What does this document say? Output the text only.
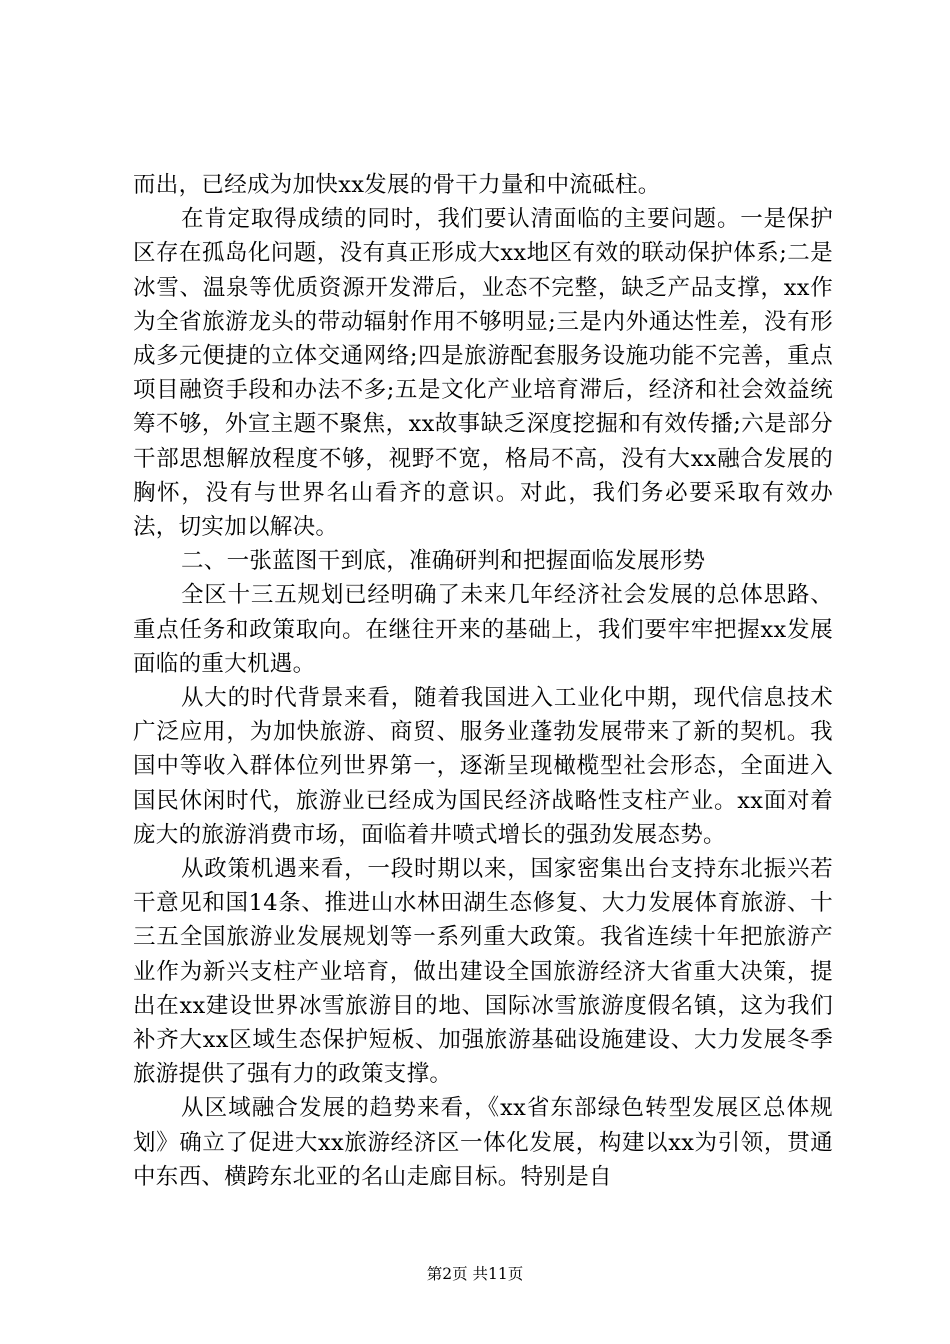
而出，已经成为加快xx发展的骨干力量和中流砥柱。

在肯定取得成绩的同时，我们要认清面临的主要问题。一是保护区存在孤岛化问题，没有真正形成大xx地区有效的联动保护体系;二是冰雪、温泉等优质资源开发滞后，业态不完整，缺乏产品支撑，xx作为全省旅游龙头的带动辐射作用不够明显;三是内外通达性差，没有形成多元便捷的立体交通网络;四是旅游配套服务设施功能不完善，重点项目融资手段和办法不多;五是文化产业培育滞后，经济和社会效益统筹不够，外宣主题不聚焦，xx故事缺乏深度挖掘和有效传播;六是部分干部思想解放程度不够，视野不宽，格局不高，没有大xx融合发展的胸怀，没有与世界名山看齐的意识。对此，我们务必要采取有效办法，切实加以解决。

二、一张蓝图干到底，准确研判和把握面临发展形势

全区十三五规划已经明确了未来几年经济社会发展的总体思路、重点任务和政策取向。在继往开来的基础上，我们要牢牢把握xx发展面临的重大机遇。

从大的时代背景来看，随着我国进入工业化中期，现代信息技术广泛应用，为加快旅游、商贸、服务业蓬勃发展带来了新的契机。我国中等收入群体位列世界第一，逐渐呈现橄榄型社会形态，全面进入国民休闲时代，旅游业已经成为国民经济战略性支柱产业。xx面对着庞大的旅游消费市场，面临着井喷式增长的强劲发展态势。

从政策机遇来看，一段时期以来，国家密集出台支持东北振兴若干意见和国14条、推进山水林田湖生态修复、大力发展体育旅游、十三五全国旅游业发展规划等一系列重大政策。我省连续十年把旅游产业作为新兴支柱产业培育，做出建设全国旅游经济大省重大决策，提出在xx建设世界冰雪旅游目的地、国际冰雪旅游度假名镇，这为我们补齐大xx区域生态保护短板、加强旅游基础设施建设、大力发展冬季旅游提供了强有力的政策支撑。

从区域融合发展的趋势来看，《xx省东部绿色转型发展区总体规划》确立了促进大xx旅游经济区一体化发展，构建以xx为引领，贯通中东西、横跨东北亚的名山走廊目标。特别是自

第2页 共11页
